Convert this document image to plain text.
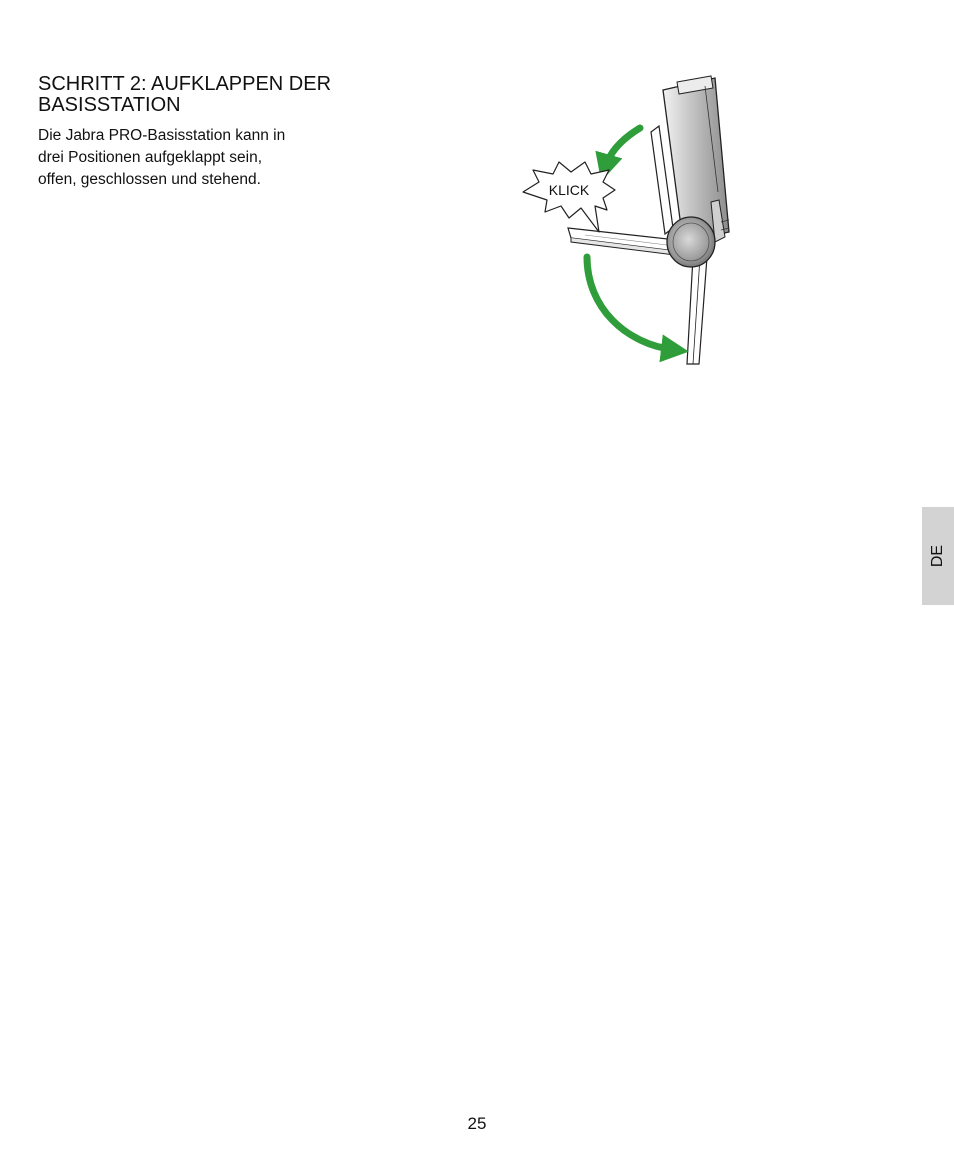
SCHRITT 2: AUFKLAPPEN DER
BASISSTATION

Die Jabra PRO-Basisstation kann in
drei Positionen aufgeklappt sein,
offen, geschlossen und stehend.

KLICK
DE
25
